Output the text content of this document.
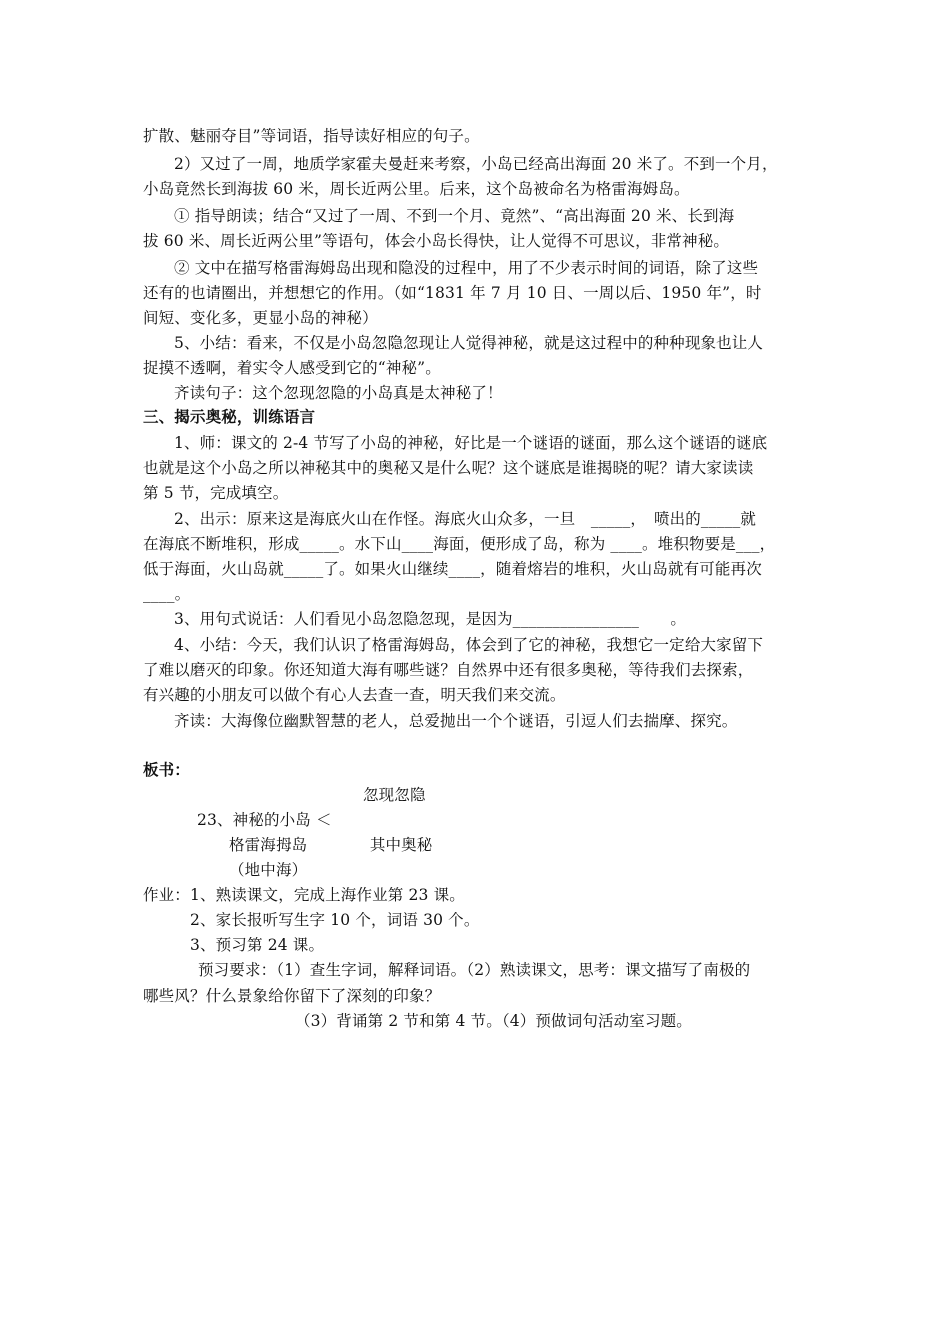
扩散、魅丽夺目”等词语，指导读好相应的句子。
2）又过了一周，地质学家霍夫曼赶来考察，小岛已经高出海面 20 米了。不到一个月，
小岛竟然长到海拔 60 米，周长近两公里。后来，这个岛被命名为格雷海姆岛。
① 指导朗读；结合“又过了一周、不到一个月、竟然”、“高出海面 20 米、长到海
拔 60 米、周长近两公里”等语句，体会小岛长得快，让人觉得不可思议，非常神秘。
② 文中在描写格雷海姆岛出现和隐没的过程中，用了不少表示时间的词语，除了这些
还有的也请圈出，并想想它的作用。（如“1831 年 7 月 10 日、一周以后、1950 年”，时
间短、变化多，更显小岛的神秘）
5、小结：看来，不仅是小岛忽隐忽现让人觉得神秘，就是这过程中的种种现象也让人
捉摸不透啊，着实令人感受到它的“神秘”。
齐读句子：这个忽现忽隐的小岛真是太神秘了！
三、揭示奥秘，训练语言
1、师：课文的 2-4 节写了小岛的神秘，好比是一个谜语的谜面，那么这个谜语的谜底
也就是这个小岛之所以神秘其中的奥秘又是什么呢？这个谜底是谁揭晓的呢？请大家读读
第 5 节，完成填空。
2、出示：原来这是海底火山在作怪。海底火山众多，一旦　_____，　喷出的_____就
在海底不断堆积，形成_____。水下山____海面，便形成了岛，称为 ____。堆积物要是___，
低于海面，火山岛就_____了。如果火山继续____，随着熔岩的堆积，火山岛就有可能再次
____。
3、用句式说话：人们看见小岛忽隐忽现，是因为________________　　。
4、小结：今天，我们认识了格雷海姆岛，体会到了它的神秘，我想它一定给大家留下
了难以磨灭的印象。你还知道大海有哪些谜？自然界中还有很多奥秘，等待我们去探索，
有兴趣的小朋友可以做个有心人去查一查，明天我们来交流。
齐读：大海像位幽默智慧的老人，总爱抛出一个个谜语，引逗人们去揣摩、探究。
板书：
忽现忽隐
23、神秘的小岛 ＜
格雷海拇岛　　　　其中奥秘
（地中海）
作业：1、熟读课文，完成上海作业第 23 课。
2、家长报听写生字 10 个，词语 30 个。
3、预习第 24 课。
预习要求：（1）查生字词，解释词语。（2）熟读课文，思考：课文描写了南极的
哪些风？什么景象给你留下了深刻的印象？
（3）背诵第 2 节和第 4 节。（4）预做词句活动室习题。
